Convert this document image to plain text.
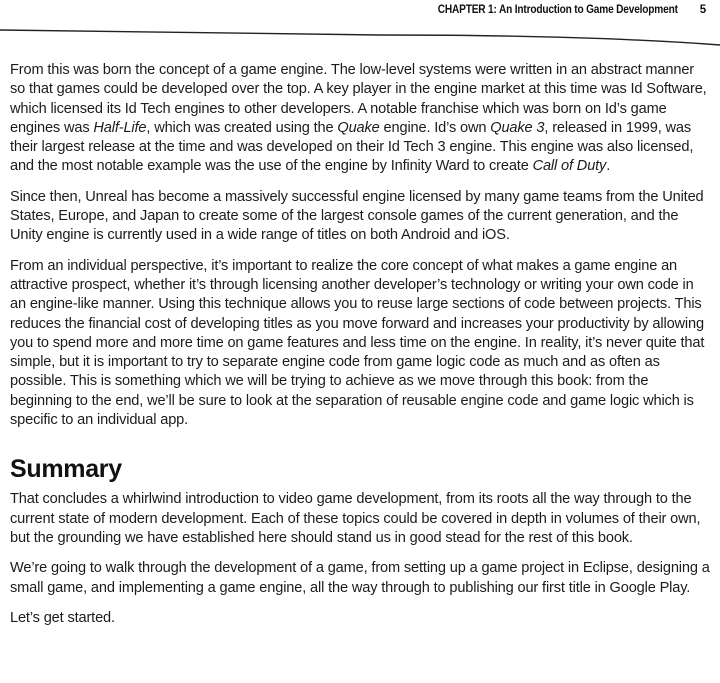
CHAPTER 1: An Introduction to Game Development 5

From this was born the concept of a game engine. The low-level systems were written in an abstract manner so that games could be developed over the top. A key player in the engine market at this time was Id Software, which licensed its Id Tech engines to other developers. A notable franchise which was born on Id’s game engines was Half-Life, which was created using the Quake engine. Id’s own Quake 3, released in 1999, was their largest release at the time and was developed on their Id Tech 3 engine. This engine was also licensed, and the most notable example was the use of the engine by Infinity Ward to create Call of Duty.

Since then, Unreal has become a massively successful engine licensed by many game teams from the United States, Europe, and Japan to create some of the largest console games of the current generation, and the Unity engine is currently used in a wide range of titles on both Android and iOS.

From an individual perspective, it’s important to realize the core concept of what makes a game engine an attractive prospect, whether it’s through licensing another developer’s technology or writing your own code in an engine-like manner. Using this technique allows you to reuse large sections of code between projects. This reduces the financial cost of developing titles as you move forward and increases your productivity by allowing you to spend more and more time on game features and less time on the engine. In reality, it’s never quite that simple, but it is important to try to separate engine code from game logic code as much and as often as possible. This is something which we will be trying to achieve as we move through this book: from the beginning to the end, we’ll be sure to look at the separation of reusable engine code and game logic which is specific to an individual app.

Summary

That concludes a whirlwind introduction to video game development, from its roots all the way through to the current state of modern development. Each of these topics could be covered in depth in volumes of their own, but the grounding we have established here should stand us in good stead for the rest of this book.

We’re going to walk through the development of a game, from setting up a game project in Eclipse, designing a small game, and implementing a game engine, all the way through to publishing our first title in Google Play.

Let’s get started.
